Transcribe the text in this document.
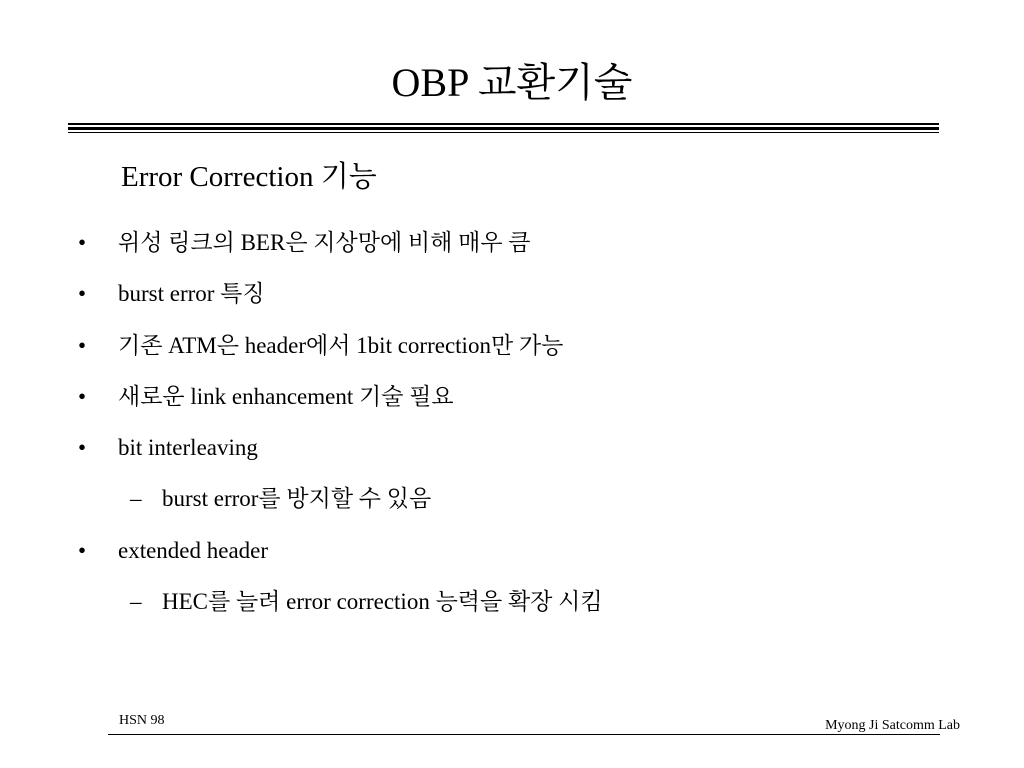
OBP 교환기술
Error Correction 기능
• 위성 링크의 BER은 지상망에 비해 매우 큼
• burst error 특징
• 기존 ATM은 header에서 1bit correction만 가능
• 새로운 link enhancement 기술 필요
• bit interleaving
– burst error를 방지할 수 있음
• extended header
– HEC를 늘려 error correction 능력을 확장 시킴
HSN 98	Myong Ji Satcomm Lab
